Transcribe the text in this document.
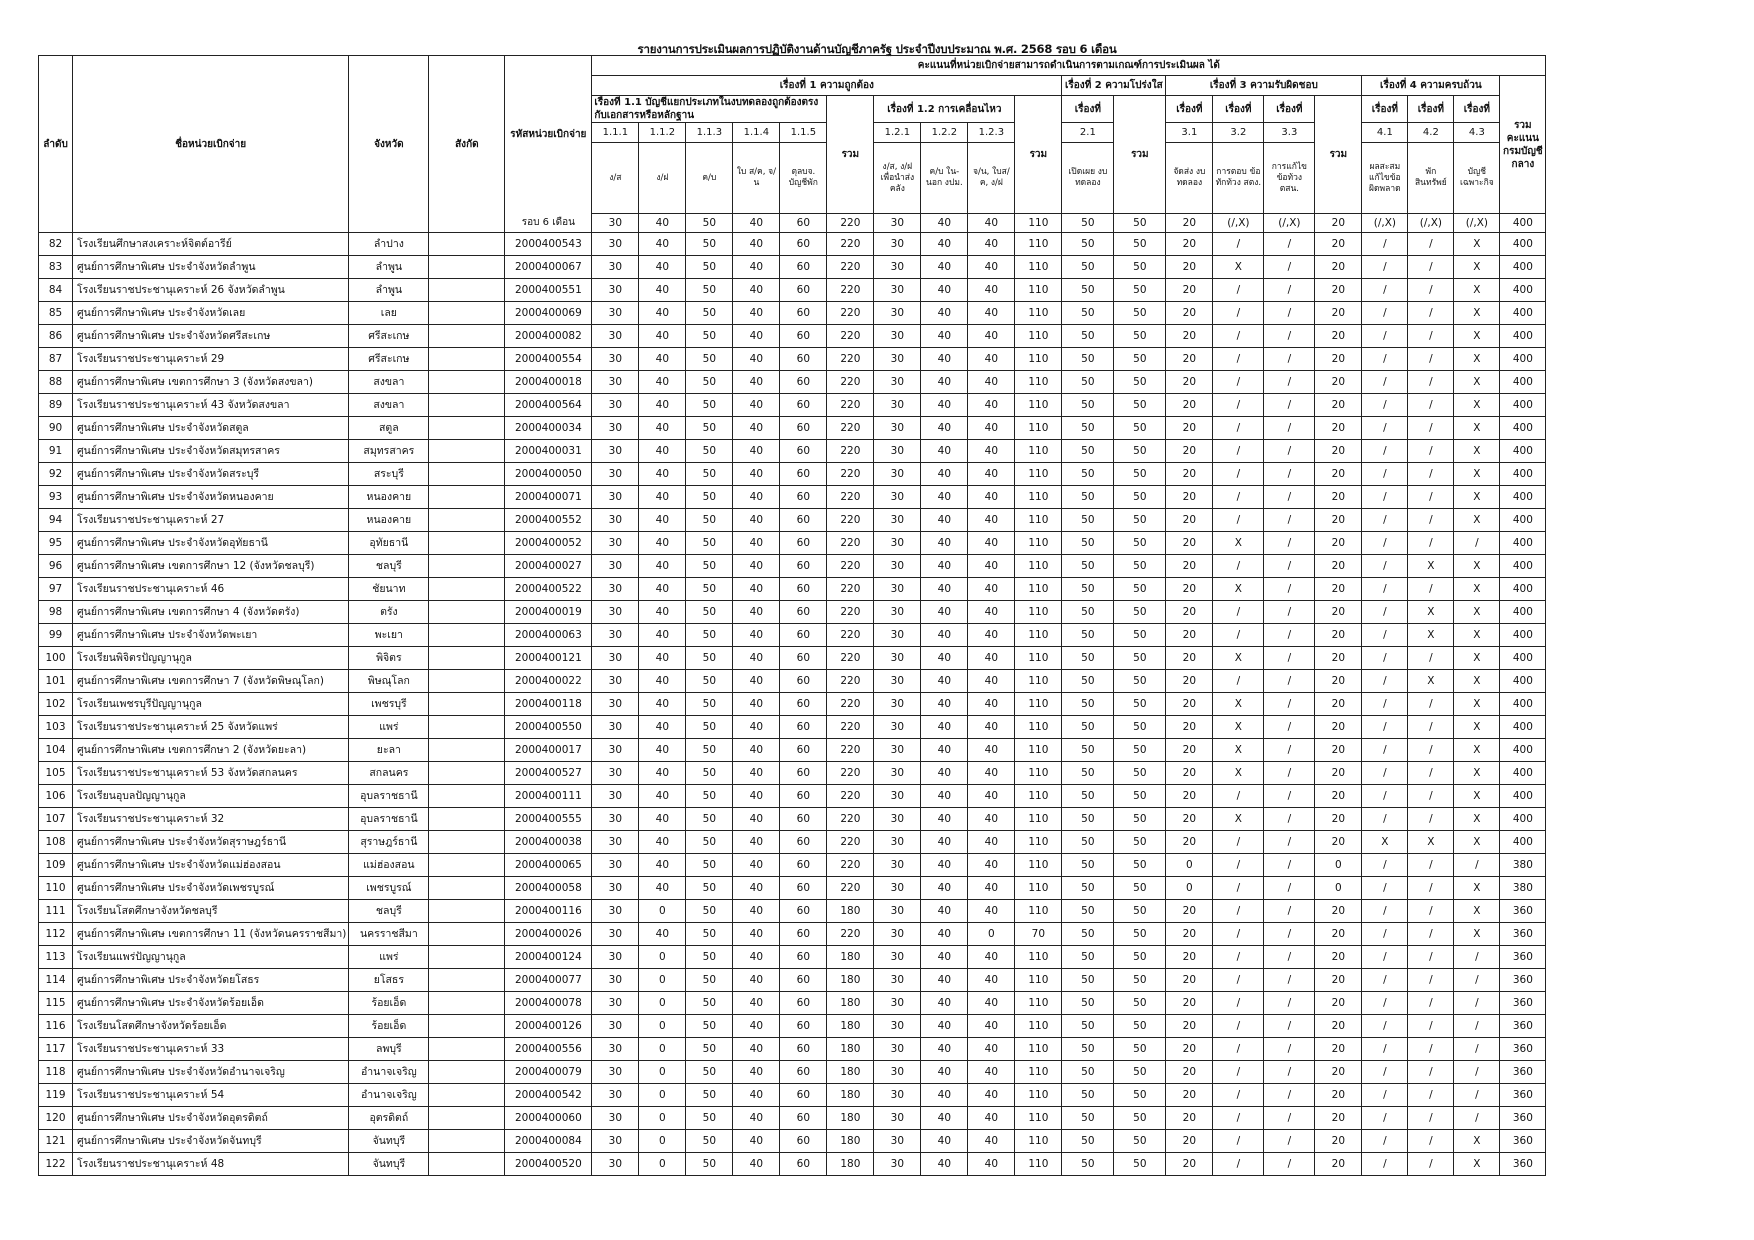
รายงานการประเมินผลการปฏิบัติงานด้านบัญชีภาครัฐ ประจำปีงบประมาณ พ.ศ. 2568 รอบ 6 เดือน
ลำดับ	ชื่อหน่วยเบิกจ่าย	จังหวัด	สังกัด	รหัสหน่วยเบิกจ่าย	คะแนนที่หน่วยเบิกจ่ายสามารถดำเนินการตามเกณฑ์การประเมินผล ได้																			
					เรื่องที่ 1 ความถูกต้อง										เรื่องที่ 2 ความโปร่งใส		เรื่องที่ 3 ความรับผิดชอบ				เรื่องที่ 4 ความครบถ้วน			รวม คะแนน กรมบัญชีกลาง
					เรื่องที่ 1.1 บัญชีแยกประเภทในงบทดลองถูกต้องตรงกับเอกสารหรือหลักฐาน					รวม	เรื่องที่ 1.2 การเคลื่อนไหว			รวม	เรื่องที่	รวม	เรื่องที่	เรื่องที่	เรื่องที่	รวม	เรื่องที่	เรื่องที่	เรื่องที่	

					1.1.1	1.1.2	1.1.3	1.1.4	1.1.5		1.2.1	1.2.2	1.2.3		2.1		3.1	3.2	3.3		4.1	4.2	4.3	
					ง/ส	ง/ฝ	ค/บ	ใบ ส/ค, จ/น	ตุลบจ. บัญชีพัก		ง/ส, ง/ฝ เพื่อนำส่งคลัง	ค/บ ใน-นอก งปม.	จ/น, ใบส/ค, ง/ฝ		เปิดเผย งบทดลอง		จัดส่ง งบ ทดลอง	การตอบ ข้อทักท้วง สตง.	การแก้ไข ข้อท้วง ตสน.		ผลสะสม แก้ไขข้อ ผิดพลาด	พัก สินทรัพย์	บัญชี เฉพาะกิจ	
				รอบ 6 เดือน	30	40	50	40	60	220	30	40	40	110	50	50	20	(/,X)	(/,X)	20	(/,X)	(/,X)	(/,X)	400
82	โรงเรียนศึกษาสงเคราะห์จิตต์อารีย์	ลำปาง		2000400543	30	40	50	40	60	220	30	40	40	110	50	50	20	/	/	20	/	/	X	400
83	ศูนย์การศึกษาพิเศษ ประจำจังหวัดลำพูน	ลำพูน		2000400067	30	40	50	40	60	220	30	40	40	110	50	50	20	X	/	20	/	/	X	400
84	โรงเรียนราชประชานุเคราะห์ 26 จังหวัดลำพูน	ลำพูน		2000400551	30	40	50	40	60	220	30	40	40	110	50	50	20	/	/	20	/	/	X	400
85	ศูนย์การศึกษาพิเศษ ประจำจังหวัดเลย	เลย		2000400069	30	40	50	40	60	220	30	40	40	110	50	50	20	/	/	20	/	/	X	400
86	ศูนย์การศึกษาพิเศษ ประจำจังหวัดศรีสะเกษ	ศรีสะเกษ		2000400082	30	40	50	40	60	220	30	40	40	110	50	50	20	/	/	20	/	/	X	400
87	โรงเรียนราชประชานุเคราะห์ 29	ศรีสะเกษ		2000400554	30	40	50	40	60	220	30	40	40	110	50	50	20	/	/	20	/	/	X	400
88	ศูนย์การศึกษาพิเศษ เขตการศึกษา 3 (จังหวัดสงขลา)	สงขลา		2000400018	30	40	50	40	60	220	30	40	40	110	50	50	20	/	/	20	/	/	X	400
89	โรงเรียนราชประชานุเคราะห์ 43 จังหวัดสงขลา	สงขลา		2000400564	30	40	50	40	60	220	30	40	40	110	50	50	20	/	/	20	/	/	X	400
90	ศูนย์การศึกษาพิเศษ ประจำจังหวัดสตูล	สตูล		2000400034	30	40	50	40	60	220	30	40	40	110	50	50	20	/	/	20	/	/	X	400
91	ศูนย์การศึกษาพิเศษ ประจำจังหวัดสมุทรสาคร	สมุทรสาคร		2000400031	30	40	50	40	60	220	30	40	40	110	50	50	20	/	/	20	/	/	X	400
92	ศูนย์การศึกษาพิเศษ ประจำจังหวัดสระบุรี	สระบุรี		2000400050	30	40	50	40	60	220	30	40	40	110	50	50	20	/	/	20	/	/	X	400
93	ศูนย์การศึกษาพิเศษ ประจำจังหวัดหนองคาย	หนองคาย		2000400071	30	40	50	40	60	220	30	40	40	110	50	50	20	/	/	20	/	/	X	400
94	โรงเรียนราชประชานุเคราะห์ 27	หนองคาย		2000400552	30	40	50	40	60	220	30	40	40	110	50	50	20	/	/	20	/	/	X	400
95	ศูนย์การศึกษาพิเศษ ประจำจังหวัดอุทัยธานี	อุทัยธานี		2000400052	30	40	50	40	60	220	30	40	40	110	50	50	20	X	/	20	/	/	/	400
96	ศูนย์การศึกษาพิเศษ เขตการศึกษา 12 (จังหวัดชลบุรี)	ชลบุรี		2000400027	30	40	50	40	60	220	30	40	40	110	50	50	20	/	/	20	/	X	X	400
97	โรงเรียนราชประชานุเคราะห์ 46	ชัยนาท		2000400522	30	40	50	40	60	220	30	40	40	110	50	50	20	X	/	20	/	/	X	400
98	ศูนย์การศึกษาพิเศษ เขตการศึกษา 4 (จังหวัดตรัง)	ตรัง		2000400019	30	40	50	40	60	220	30	40	40	110	50	50	20	/	/	20	/	X	X	400
99	ศูนย์การศึกษาพิเศษ ประจำจังหวัดพะเยา	พะเยา		2000400063	30	40	50	40	60	220	30	40	40	110	50	50	20	/	/	20	/	X	X	400
100	โรงเรียนพิจิตรปัญญานุกูล	พิจิตร		2000400121	30	40	50	40	60	220	30	40	40	110	50	50	20	X	/	20	/	/	X	400
101	ศูนย์การศึกษาพิเศษ เขตการศึกษา 7 (จังหวัดพิษณุโลก)	พิษณุโลก		2000400022	30	40	50	40	60	220	30	40	40	110	50	50	20	/	/	20	/	X	X	400
102	โรงเรียนเพชรบุรีปัญญานุกูล	เพชรบุรี		2000400118	30	40	50	40	60	220	30	40	40	110	50	50	20	X	/	20	/	/	X	400
103	โรงเรียนราชประชานุเคราะห์ 25 จังหวัดแพร่	แพร่		2000400550	30	40	50	40	60	220	30	40	40	110	50	50	20	X	/	20	/	/	X	400
104	ศูนย์การศึกษาพิเศษ เขตการศึกษา 2 (จังหวัดยะลา)	ยะลา		2000400017	30	40	50	40	60	220	30	40	40	110	50	50	20	X	/	20	/	/	X	400
105	โรงเรียนราชประชานุเคราะห์ 53 จังหวัดสกลนคร	สกลนคร		2000400527	30	40	50	40	60	220	30	40	40	110	50	50	20	X	/	20	/	/	X	400
106	โรงเรียนอุบลปัญญานุกูล	อุบลราชธานี		2000400111	30	40	50	40	60	220	30	40	40	110	50	50	20	/	/	20	/	/	X	400
107	โรงเรียนราชประชานุเคราะห์ 32	อุบลราชธานี		2000400555	30	40	50	40	60	220	30	40	40	110	50	50	20	X	/	20	/	/	X	400
108	ศูนย์การศึกษาพิเศษ ประจำจังหวัดสุราษฎร์ธานี	สุราษฎร์ธานี		2000400038	30	40	50	40	60	220	30	40	40	110	50	50	20	/	/	20	X	X	X	400
109	ศูนย์การศึกษาพิเศษ ประจำจังหวัดแม่ฮ่องสอน	แม่ฮ่องสอน		2000400065	30	40	50	40	60	220	30	40	40	110	50	50	0	/	/	0	/	/	/	380
110	ศูนย์การศึกษาพิเศษ ประจำจังหวัดเพชรบูรณ์	เพชรบูรณ์		2000400058	30	40	50	40	60	220	30	40	40	110	50	50	0	/	/	0	/	/	X	380
111	โรงเรียนโสตศึกษาจังหวัดชลบุรี	ชลบุรี		2000400116	30	0	50	40	60	180	30	40	40	110	50	50	20	/	/	20	/	/	X	360
112	ศูนย์การศึกษาพิเศษ เขตการศึกษา 11 (จังหวัดนครราชสีมา)	นครราชสีมา		2000400026	30	40	50	40	60	220	30	40	0	70	50	50	20	/	/	20	/	/	X	360
113	โรงเรียนแพร่ปัญญานุกูล	แพร่		2000400124	30	0	50	40	60	180	30	40	40	110	50	50	20	/	/	20	/	/	/	360
114	ศูนย์การศึกษาพิเศษ ประจำจังหวัดยโสธร	ยโสธร		2000400077	30	0	50	40	60	180	30	40	40	110	50	50	20	/	/	20	/	/	/	360
115	ศูนย์การศึกษาพิเศษ ประจำจังหวัดร้อยเอ็ด	ร้อยเอ็ด		2000400078	30	0	50	40	60	180	30	40	40	110	50	50	20	/	/	20	/	/	/	360
116	โรงเรียนโสตศึกษาจังหวัดร้อยเอ็ด	ร้อยเอ็ด		2000400126	30	0	50	40	60	180	30	40	40	110	50	50	20	/	/	20	/	/	/	360
117	โรงเรียนราชประชานุเคราะห์ 33	ลพบุรี		2000400556	30	0	50	40	60	180	30	40	40	110	50	50	20	/	/	20	/	/	/	360
118	ศูนย์การศึกษาพิเศษ ประจำจังหวัดอำนาจเจริญ	อำนาจเจริญ		2000400079	30	0	50	40	60	180	30	40	40	110	50	50	20	/	/	20	/	/	/	360
119	โรงเรียนราชประชานุเคราะห์ 54	อำนาจเจริญ		2000400542	30	0	50	40	60	180	30	40	40	110	50	50	20	/	/	20	/	/	/	360
120	ศูนย์การศึกษาพิเศษ ประจำจังหวัดอุตรดิตถ์	อุตรดิตถ์		2000400060	30	0	50	40	60	180	30	40	40	110	50	50	20	/	/	20	/	/	/	360
121	ศูนย์การศึกษาพิเศษ ประจำจังหวัดจันทบุรี	จันทบุรี		2000400084	30	0	50	40	60	180	30	40	40	110	50	50	20	/	/	20	/	/	X	360
122	โรงเรียนราชประชานุเคราะห์ 48	จันทบุรี		2000400520	30	0	50	40	60	180	30	40	40	110	50	50	20	/	/	20	/	/	X	360
